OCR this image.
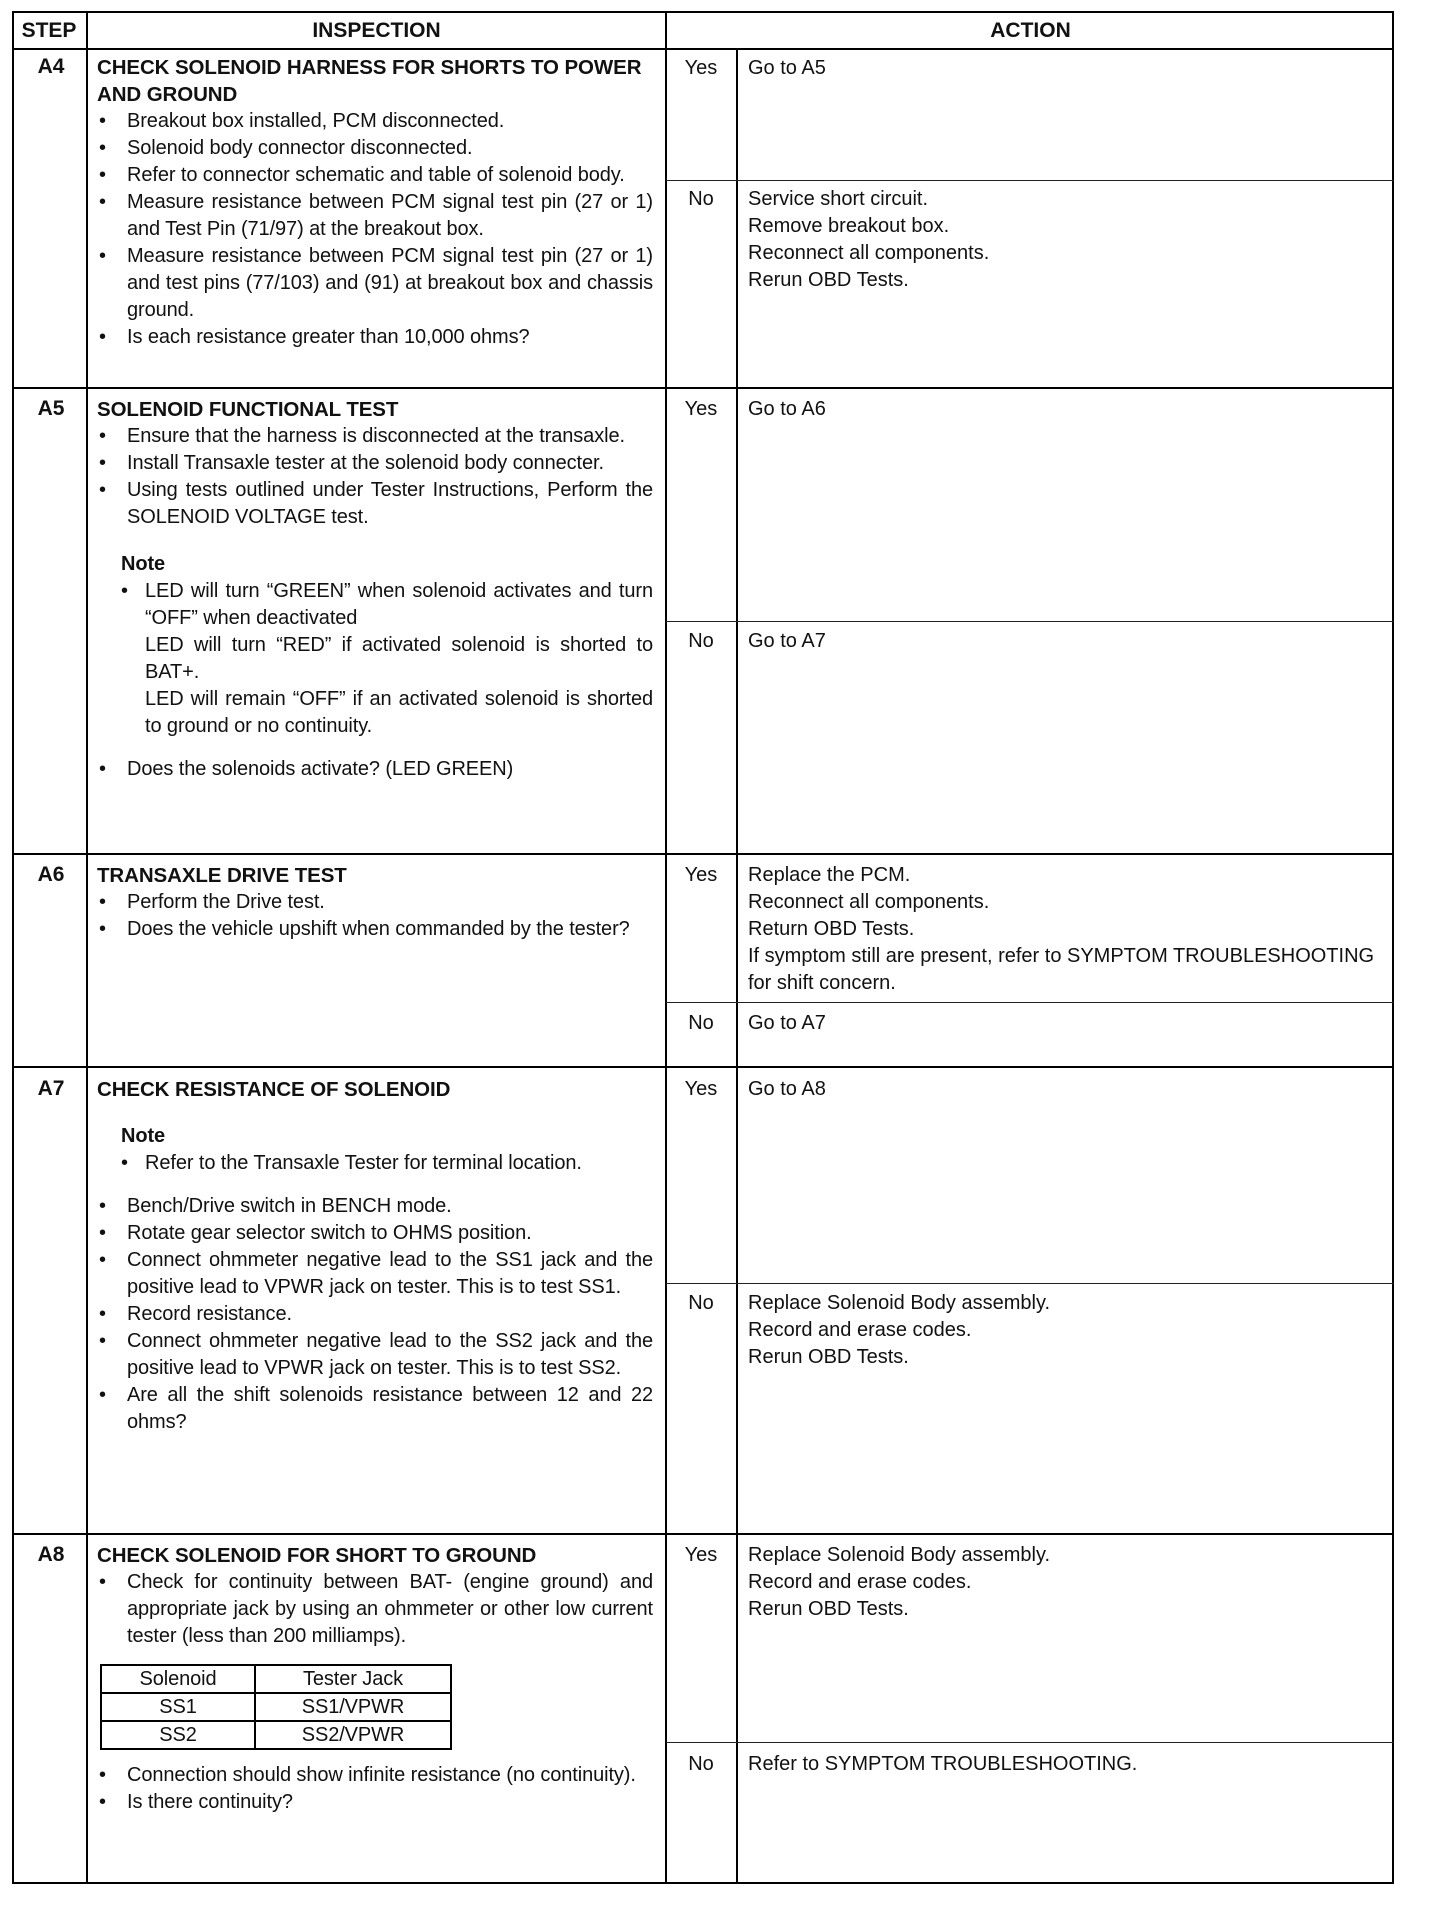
STEP	INSPECTION	ACTION
A4	CHECK SOLENOID HARNESS FOR SHORTS TO POWER AND GROUND
• Breakout box installed, PCM disconnected.
• Solenoid body connector disconnected.
• Refer to connector schematic and table of solenoid body.
• Measure resistance between PCM signal test pin (27 or 1) and Test Pin (71/97) at the breakout box.
• Measure resistance between PCM signal test pin (27 or 1) and test pins (77/103) and (91) at breakout box and chassis ground.
• Is each resistance greater than 10,000 ohms?
Yes	Go to A5
No	Service short circuit.
Remove breakout box.
Reconnect all components.
Rerun OBD Tests.
A5	SOLENOID FUNCTIONAL TEST
• Ensure that the harness is disconnected at the transaxle.
• Install Transaxle tester at the solenoid body connecter.
• Using tests outlined under Tester Instructions, Perform the SOLENOID VOLTAGE test.
Note
• LED will turn “GREEN” when solenoid activates and turn “OFF” when deactivated
LED will turn “RED” if activated solenoid is shorted to BAT+.
LED will remain “OFF” if an activated solenoid is shorted to ground or no continuity.
• Does the solenoids activate? (LED GREEN)
Yes	Go to A6
No	Go to A7
A6	TRANSAXLE DRIVE TEST
• Perform the Drive test.
• Does the vehicle upshift when commanded by the tester?
Yes	Replace the PCM.
Reconnect all components.
Return OBD Tests.
If symptom still are present, refer to SYMPTOM TROUBLESHOOTING for shift concern.
No	Go to A7
A7	CHECK RESISTANCE OF SOLENOID
Note
• Refer to the Transaxle Tester for terminal location.
• Bench/Drive switch in BENCH mode.
• Rotate gear selector switch to OHMS position.
• Connect ohmmeter negative lead to the SS1 jack and the positive lead to VPWR jack on tester. This is to test SS1.
• Record resistance.
• Connect ohmmeter negative lead to the SS2 jack and the positive lead to VPWR jack on tester. This is to test SS2.
• Are all the shift solenoids resistance between 12 and 22 ohms?
Yes	Go to A8
No	Replace Solenoid Body assembly.
Record and erase codes.
Rerun OBD Tests.
A8	CHECK SOLENOID FOR SHORT TO GROUND
• Check for continuity between BAT- (engine ground) and appropriate jack by using an ohmmeter or other low current tester (less than 200 milliamps).
Solenoid	Tester Jack
SS1	SS1/VPWR
SS2	SS2/VPWR
• Connection should show infinite resistance (no continuity).
• Is there continuity?
Yes	Replace Solenoid Body assembly.
Record and erase codes.
Rerun OBD Tests.
No	Refer to SYMPTOM TROUBLESHOOTING.
